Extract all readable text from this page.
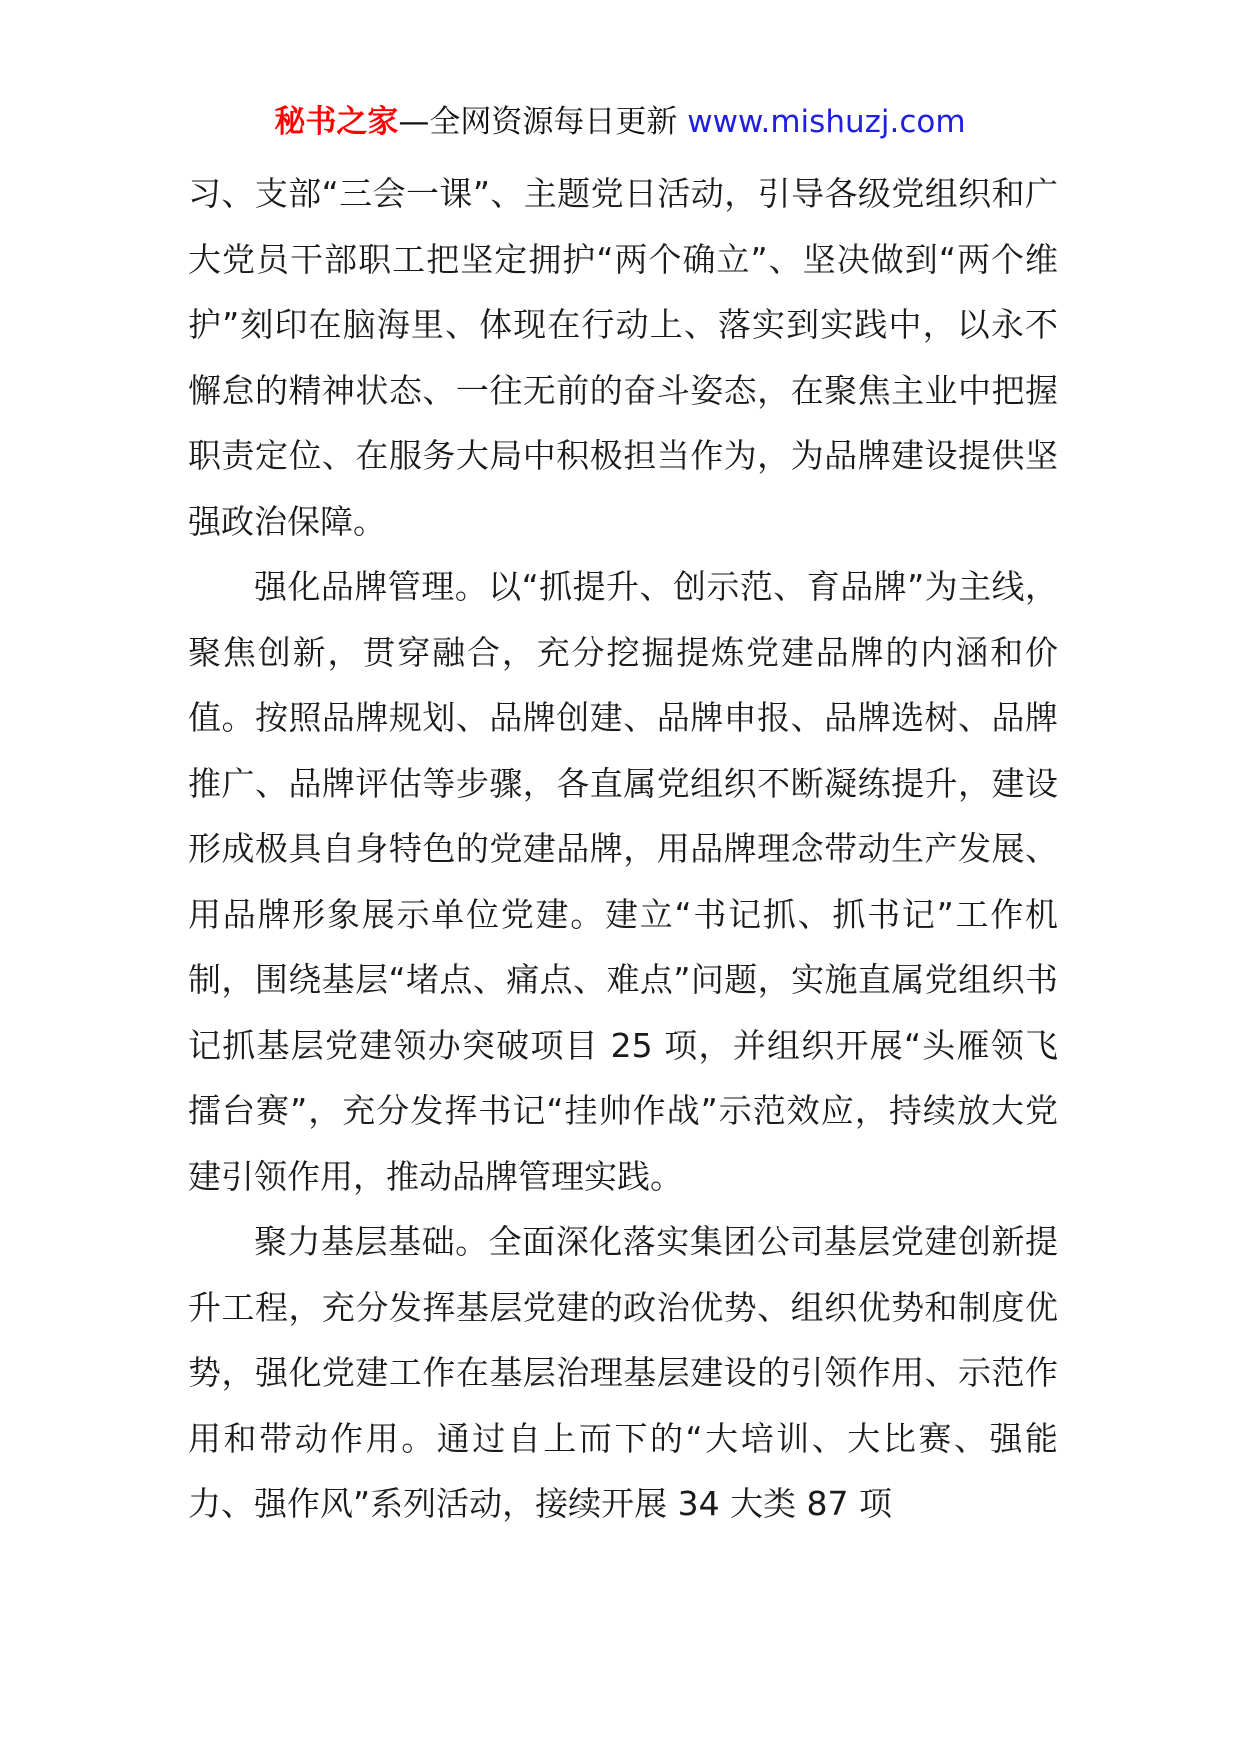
秘书之家—全网资源每日更新 www.mishuzj.com

习、支部“三会一课”、主题党日活动，引导各级党组织和广大党员干部职工把坚定拥护“两个确立”、坚决做到“两个维护”刻印在脑海里、体现在行动上、落实到实践中，以永不懈怠的精神状态、一往无前的奋斗姿态，在聚焦主业中把握职责定位、在服务大局中积极担当作为，为品牌建设提供坚强政治保障。

强化品牌管理。以“抓提升、创示范、育品牌”为主线，聚焦创新，贯穿融合，充分挖掘提炼党建品牌的内涵和价值。按照品牌规划、品牌创建、品牌申报、品牌选树、品牌推广、品牌评估等步骤，各直属党组织不断凝练提升，建设形成极具自身特色的党建品牌，用品牌理念带动生产发展、用品牌形象展示单位党建。建立“书记抓、抓书记”工作机制，围绕基层“堵点、痛点、难点”问题，实施直属党组织书记抓基层党建领办突破项目 25 项，并组织开展“头雁领飞擂台赛”，充分发挥书记“挂帅作战”示范效应，持续放大党建引领作用，推动品牌管理实践。

聚力基层基础。全面深化落实集团公司基层党建创新提升工程，充分发挥基层党建的政治优势、组织优势和制度优势，强化党建工作在基层治理基层建设的引领作用、示范作用和带动作用。通过自上而下的“大培训、大比赛、强能力、强作风”系列活动，接续开展 34 大类 87 项
